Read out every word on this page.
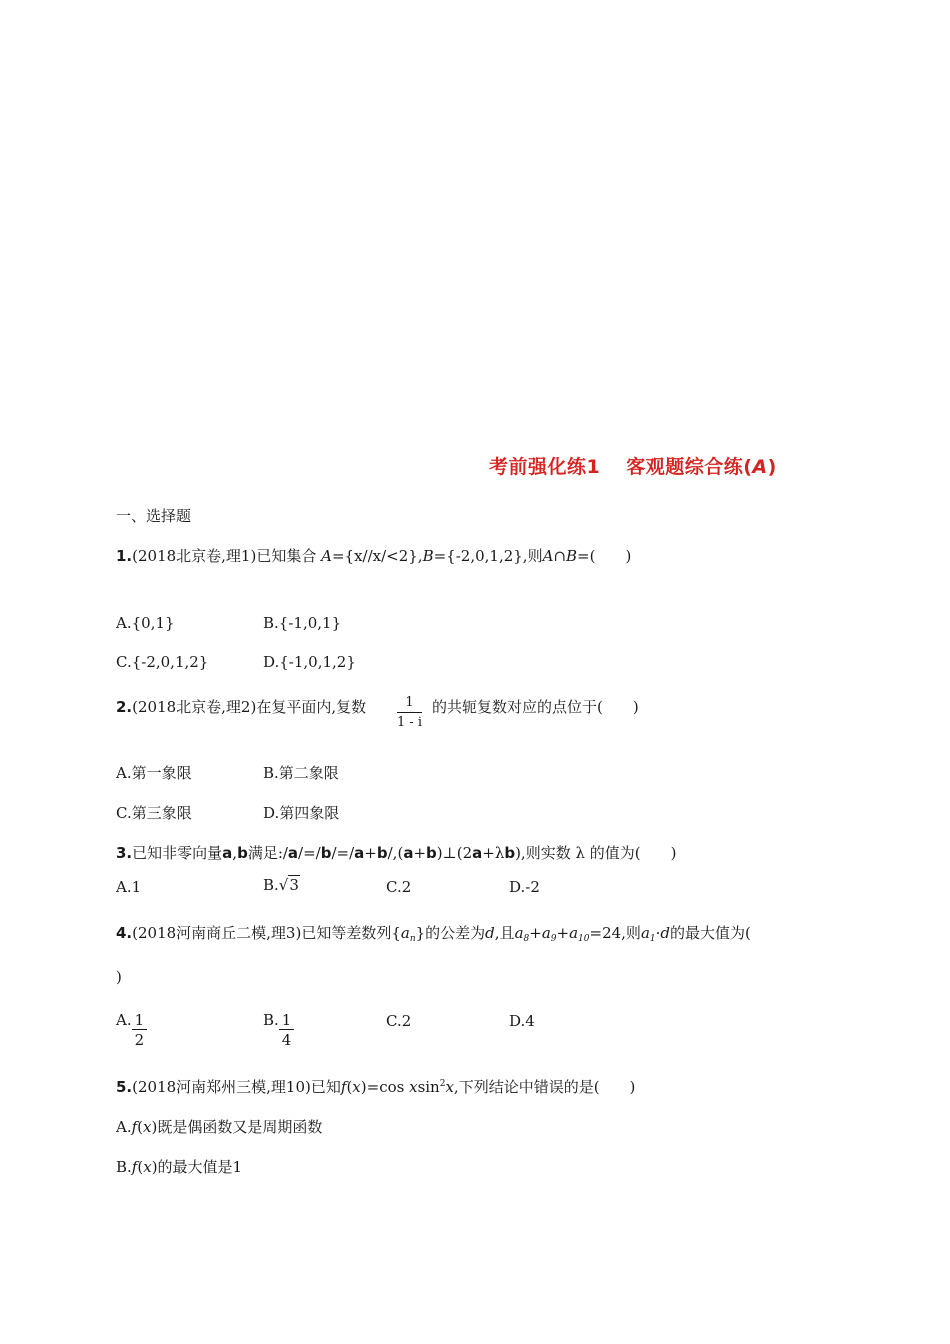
考前强化练1 客观题综合练(A)
一、选择题
1.(2018北京卷,理1)已知集合 A={x//x/<2},B={-2,0,1,2},则A∩B=(　　)
A.{0,1}	B.{-1,0,1}
C.{-2,0,1,2}	D.{-1,0,1,2}
2.(2018北京卷,理2)在复平面内,复数 $\frac{1}{1 - i}$ 的共轭复数对应的点位于(　　)
A.第一象限	B.第二象限
C.第三象限	D.第四象限
3.已知非零向量a,b满足:/a/=/b/=/a+b/,(a+b)⊥(2a+λb),则实数 λ 的值为(　　)
A.1	B.√3	C.2	D.-2
4.(2018河南商丘二模,理3)已知等差数列$\{a_n\}$的公差为d,且$a_8+a_9+a_{10}=24$,则$a_1\cdot d$的最大值为(
)
A. $\frac{1}{2}$	B. $\frac{1}{4}$	C.2	D.4
5.(2018河南郑州三模,理10)已知f(x)=cos xsin$^2$x,下列结论中错误的是(　　)
A.f(x)既是偶函数又是周期函数
B.f(x)的最大值是1
